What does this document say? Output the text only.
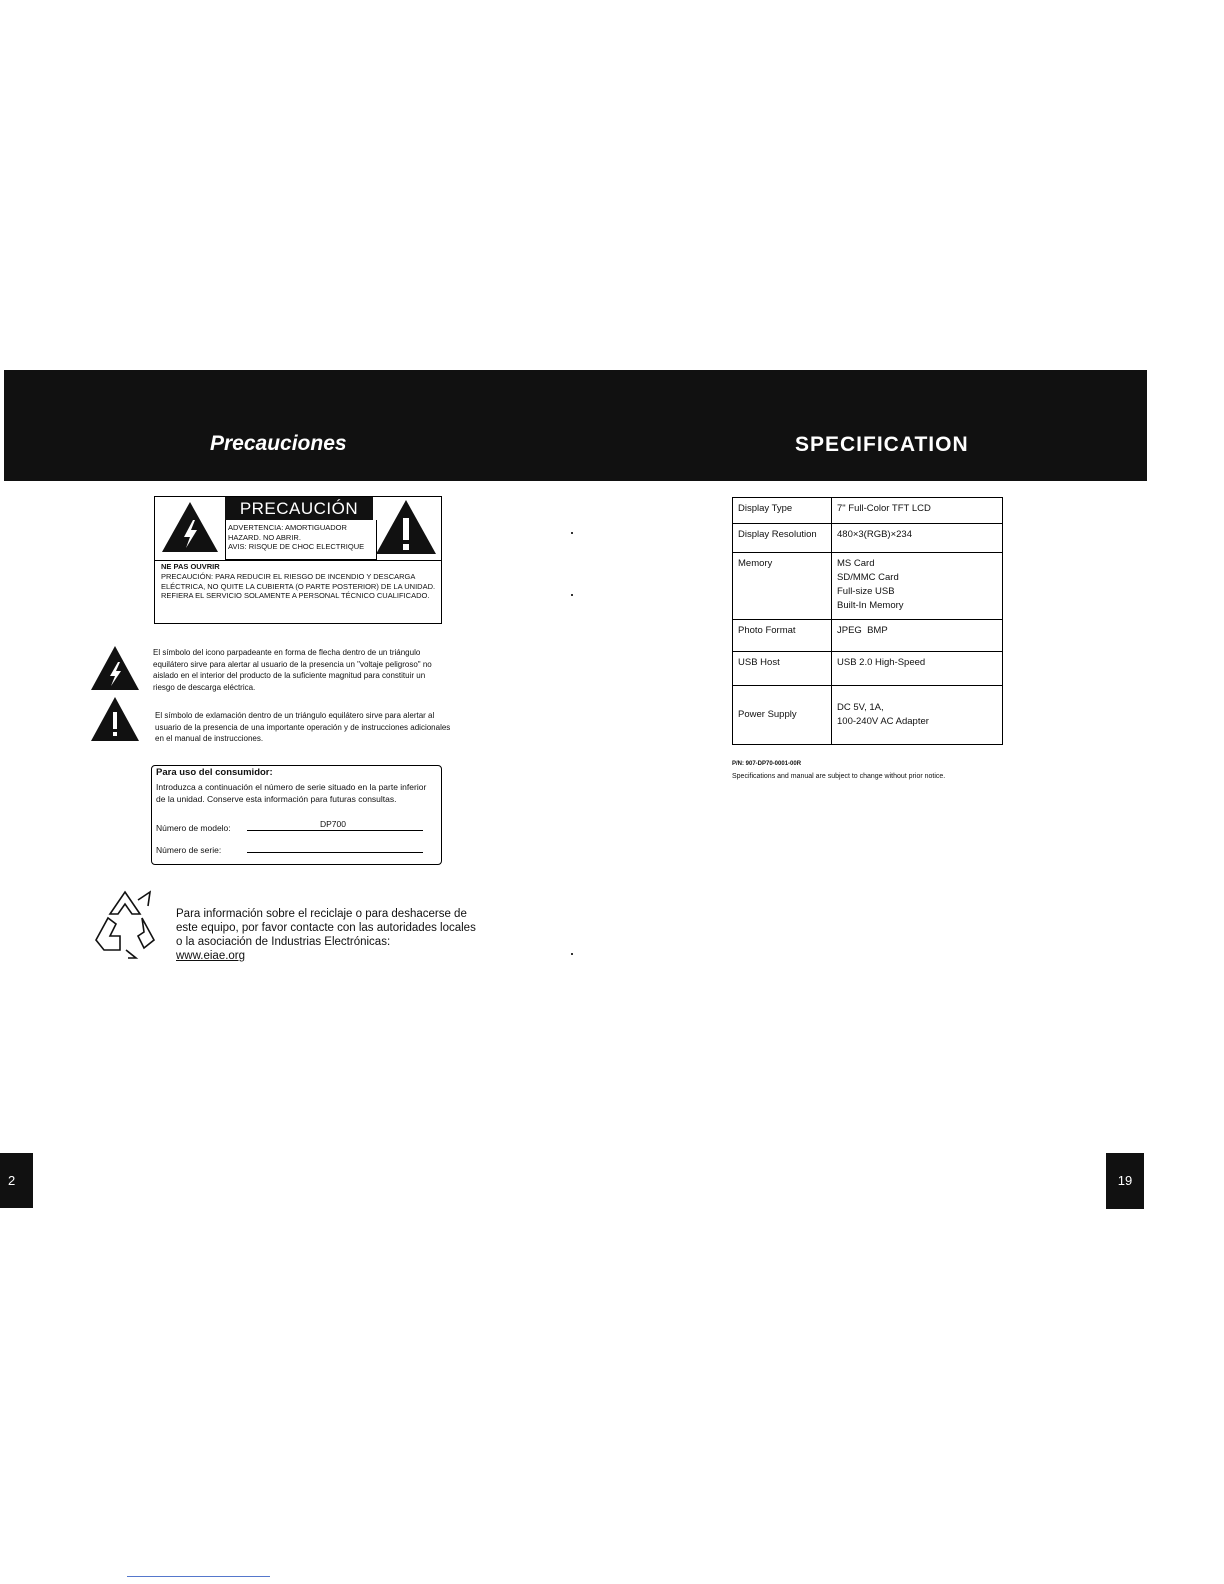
Precauciones	SPECIFICATION
PRECAUCIÓN
ADVERTENCIA: AMORTIGUADOR
HAZARD. NO ABRIR.
AVIS: RISQUE DE CHOC ELECTRIQUE
NE PAS OUVRIR
PRECAUCIÓN: PARA REDUCIR EL RIESGO DE INCENDIO Y DESCARGA ELÉCTRICA, NO QUITE LA CUBIERTA (O PARTE POSTERIOR) DE LA UNIDAD. REFIERA EL SERVICIO SOLAMENTE A PERSONAL TÉCNICO CUALIFICADO.
El símbolo del icono parpadeante en forma de flecha dentro de un triángulo equilátero sirve para alertar al usuario de la presencia un "voltaje peligroso" no aislado en el interior del producto de la suficiente magnitud para constituir un riesgo de descarga eléctrica.
El símbolo de exlamación dentro de un triángulo equilátero sirve para alertar al usuario de la presencia de una importante operación y de instrucciones adicionales en el manual de instrucciones.
Para uso del consumidor:
Introduzca a continuación el número de serie situado en la parte inferior de la unidad. Conserve esta información para futuras consultas.
Número de modelo:	DP700
Número de serie:
Para información sobre el reciclaje o para deshacerse de este equipo, por favor contacte con las autoridades locales o la asociación de Industrias Electrónicas:
www.eiae.org
Display Type	7" Full-Color TFT LCD
Display Resolution	480×3(RGB)×234
Memory	MS Card
SD/MMC Card
Full-size USB
Built-In Memory
Photo Format	JPEG  BMP
USB Host	USB 2.0 High-Speed
Power Supply	DC 5V, 1A,
100-240V AC Adapter
P/N: 907-DP70-0001-00R
Specifications and manual are subject to change without prior notice.
2	19
